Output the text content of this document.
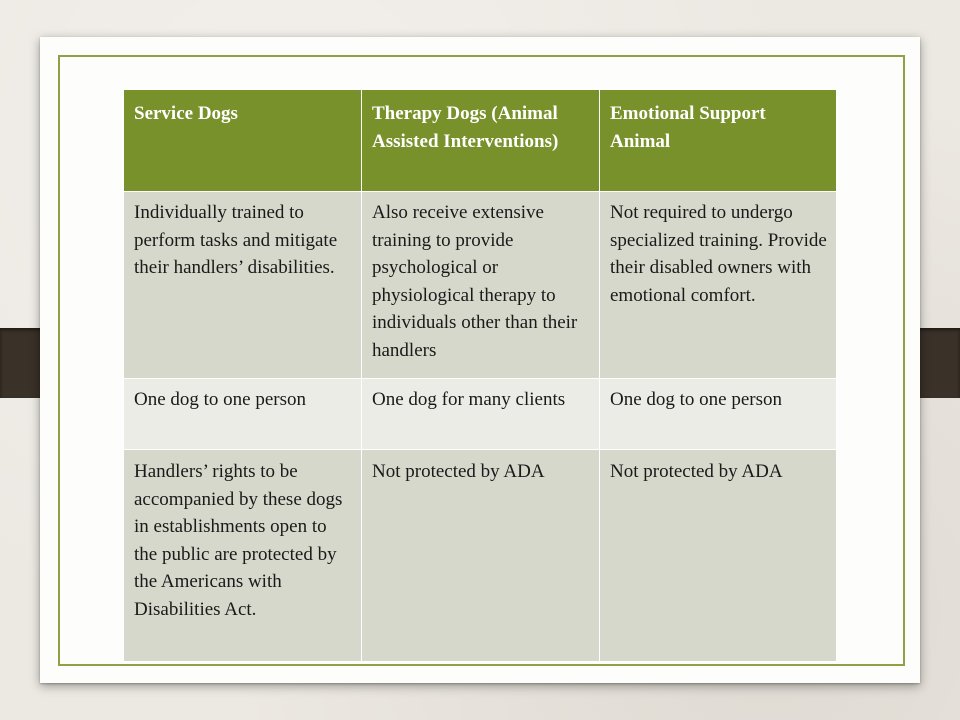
Service Dogs	Therapy Dogs (Animal Assisted Interventions)	Emotional Support Animal
Individually trained to perform tasks and mitigate their handlers’ disabilities.	Also receive extensive training to provide psychological or physiological therapy to individuals other than their handlers	Not required to undergo specialized training. Provide their disabled owners with emotional comfort.
One dog to one person	One dog for many clients	One dog to one person
Handlers’ rights to be accompanied by these dogs in establishments open to the public are protected by the Americans with Disabilities Act.	Not protected by ADA	Not protected by ADA
